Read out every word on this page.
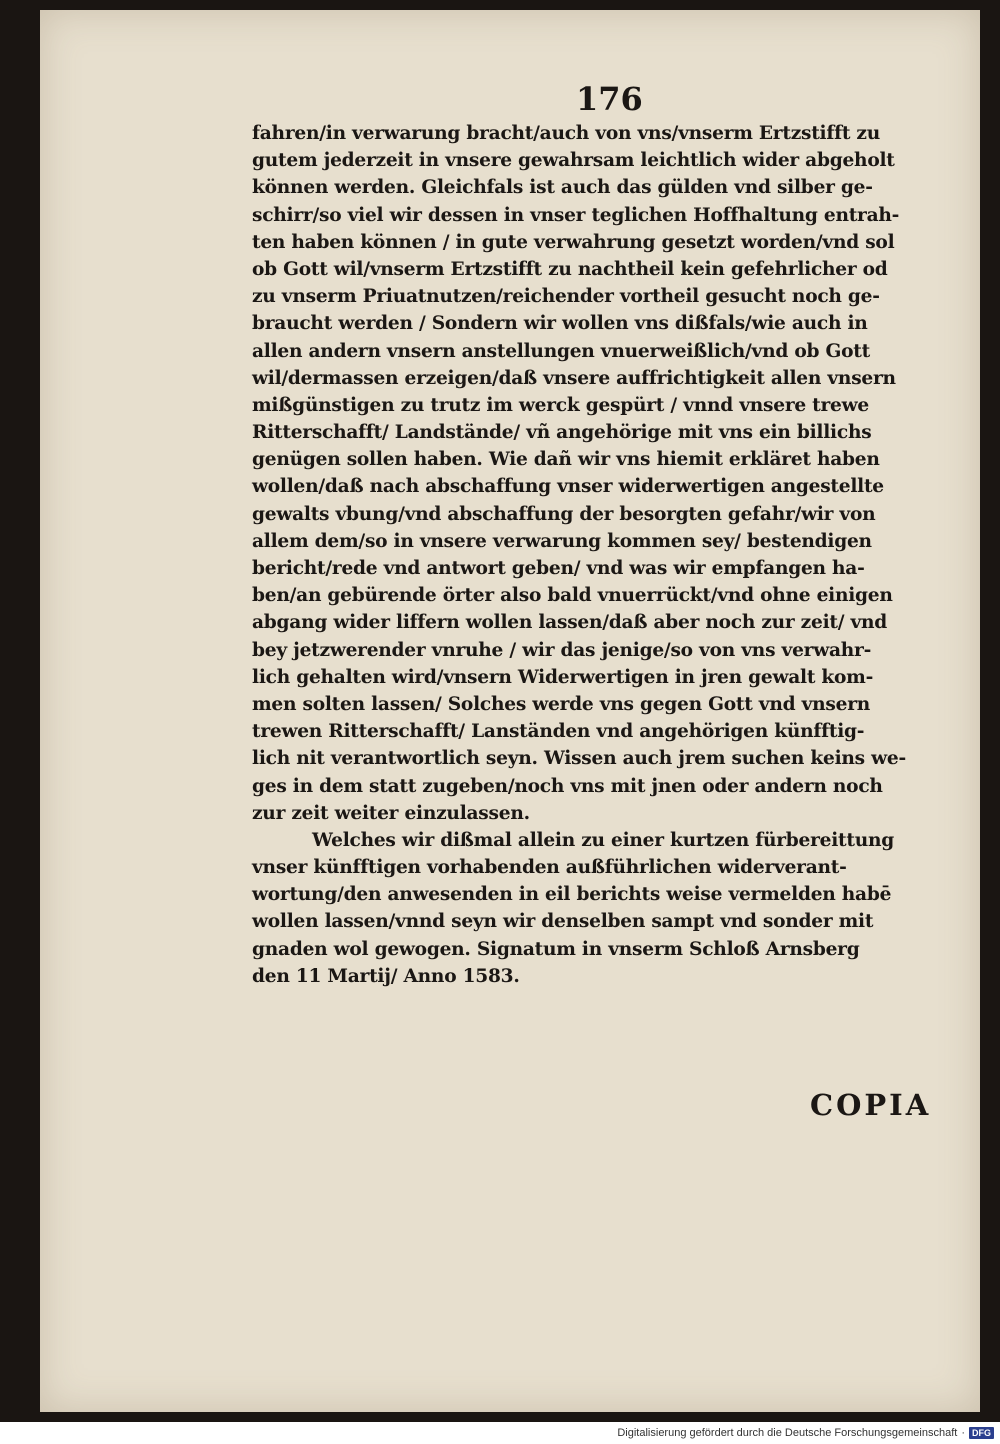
176
fahren/in verwarung bracht/auch von vns/vnserm Ertzstifft zu
gutem jederzeit in vnsere gewahrsam leichtlich wider abgeholt
können werden. Gleichfals ist auch das gülden vnd silber ge-
schirr/so viel wir dessen in vnser teglichen Hoffhaltung entrah-
ten haben können / in gute verwahrung gesetzt worden/vnd sol
ob Gott wil/vnserm Ertzstifft zu nachtheil kein gefehrlicher od
zu vnserm Priuatnutzen/reichender vortheil gesucht noch ge-
braucht werden / Sondern wir wollen vns dißfals/wie auch in
allen andern vnsern anstellungen vnuerweißlich/vnd ob Gott
wil/dermassen erzeigen/daß vnsere auffrichtigkeit allen vnsern
mißgünstigen zu trutz im werck gespürt / vnnd vnsere trewe
Ritterschafft/ Landstände/ vñ angehörige mit vns ein billichs
genügen sollen haben. Wie dañ wir vns hiemit erkläret haben
wollen/daß nach abschaffung vnser widerwertigen angestellte
gewalts vbung/vnd abschaffung der besorgten gefahr/wir von
allem dem/so in vnsere verwarung kommen sey/ bestendigen
bericht/rede vnd antwort geben/ vnd was wir empfangen ha-
ben/an gebürende örter also bald vnuerrückt/vnd ohne einigen
abgang wider liffern wollen lassen/daß aber noch zur zeit/ vnd
bey jetzwerender vnruhe / wir das jenige/so von vns verwahr-
lich gehalten wird/vnsern Widerwertigen in jren gewalt kom-
men solten lassen/ Solches werde vns gegen Gott vnd vnsern
trewen Ritterschafft/ Lanständen vnd angehörigen künfftig-
lich nit verantwortlich seyn. Wissen auch jrem suchen keins we-
ges in dem statt zugeben/noch vns mit jnen oder andern noch
zur zeit weiter einzulassen.
Welches wir dißmal allein zu einer kurtzen fürbereittung
vnser künfftigen vorhabenden außführlichen widerverant-
wortung/den anwesenden in eil berichts weise vermelden habē
wollen lassen/vnnd seyn wir denselben sampt vnd sonder mit
gnaden wol gewogen. Signatum in vnserm Schloß Arnsberg
den 11 Martij/ Anno 1583.
COPIA
Digitalisierung gefördert durch die Deutsche Forschungsgemeinschaft · DFG
